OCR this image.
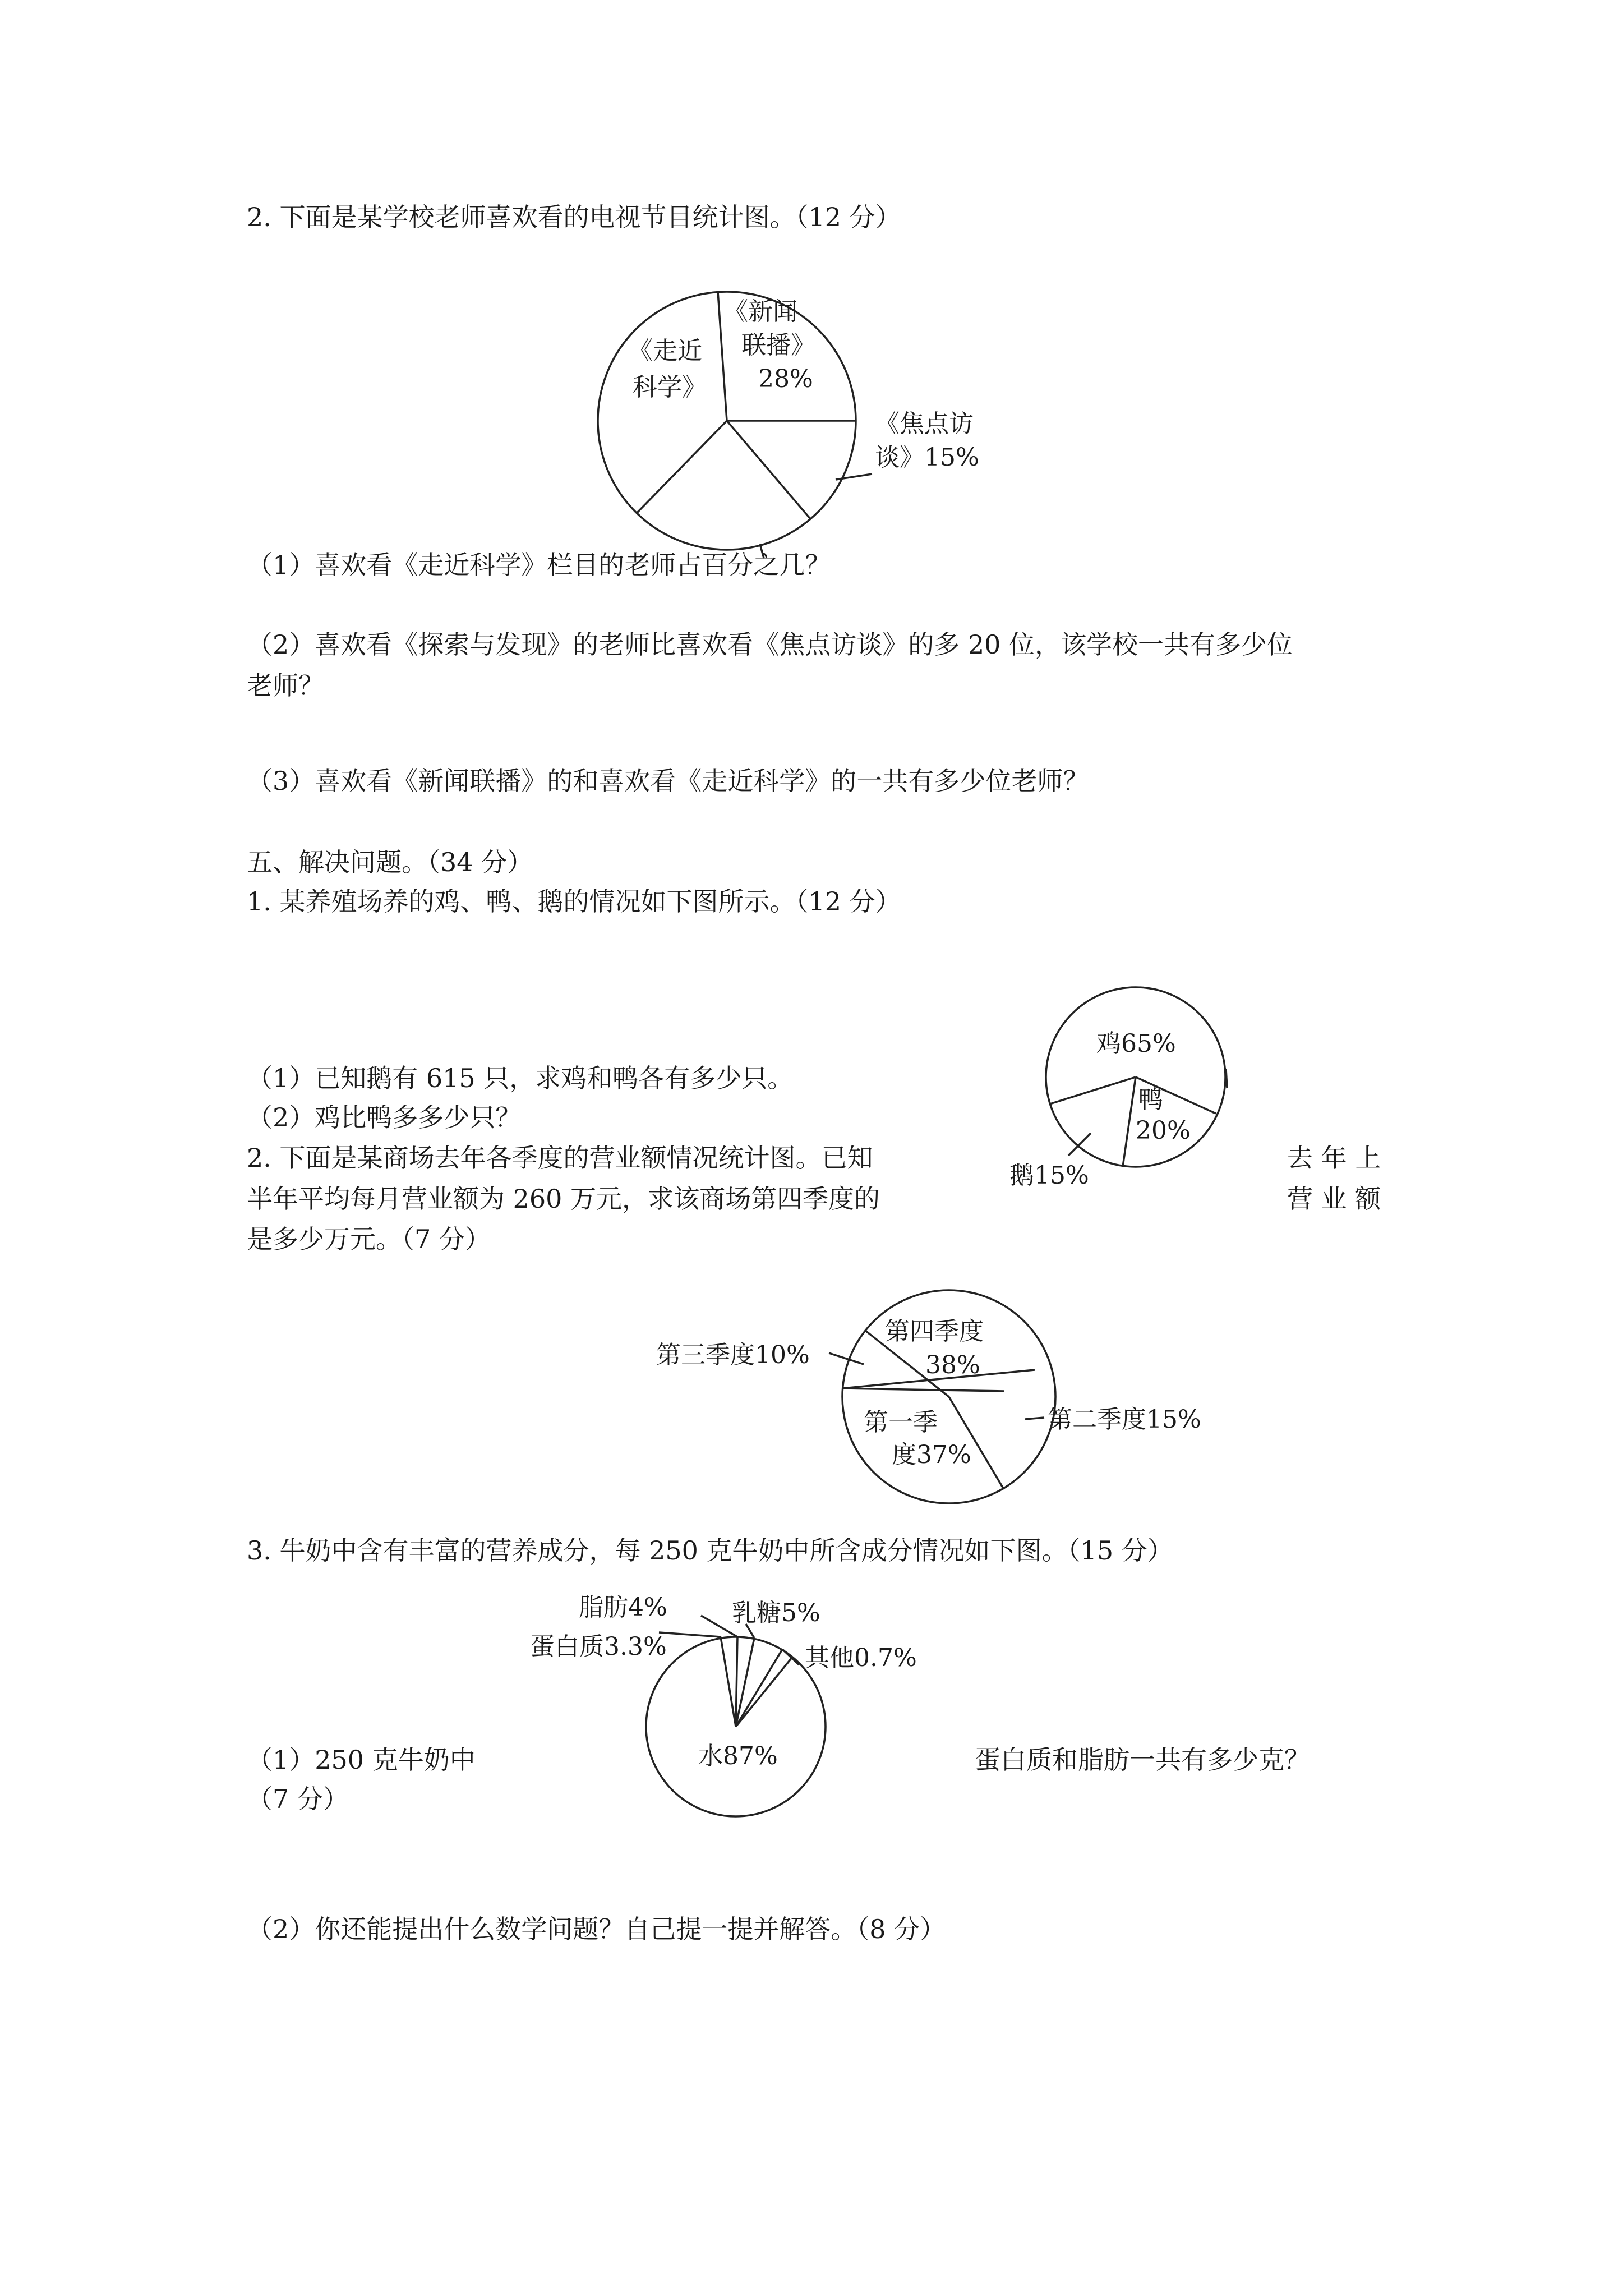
2. 下面是某学校老师喜欢看的电视节目统计图。（12 分）

《走近
科学》
《新闻
联播》
28%
《焦点访
谈》15%

（1）喜欢看《走近科学》栏目的老师占百分之几？

（2）喜欢看《探索与发现》的老师比喜欢看《焦点访谈》的多 20 位，该学校一共有多少位

老师？

（3）喜欢看《新闻联播》的和喜欢看《走近科学》的一共有多少位老师？

五、解决问题。（34 分）

1. 某养殖场养的鸡、鸭、鹅的情况如下图所示。（12 分）

鸡65%
鸭
20%
鹅15%

（1）已知鹅有 615 只，求鸡和鸭各有多少只。

（2）鸡比鸭多多少只？

2. 下面是某商场去年各季度的营业额情况统计图。已知	去 年 上

半年平均每月营业额为 260 万元，求该商场第四季度的	营 业 额

是多少万元。（7 分）

第四季度
38%
第三季度10%
第二季度15%
第一季
度37%

3. 牛奶中含有丰富的营养成分，每 250 克牛奶中所含成分情况如下图。（15 分）

脂肪4%	乳糖5%
蛋白质3.3%	其他0.7%
水87%

（1）250 克牛奶中	蛋白质和脂肪一共有多少克？

（7 分）

（2）你还能提出什么数学问题？自己提一提并解答。（8 分）
